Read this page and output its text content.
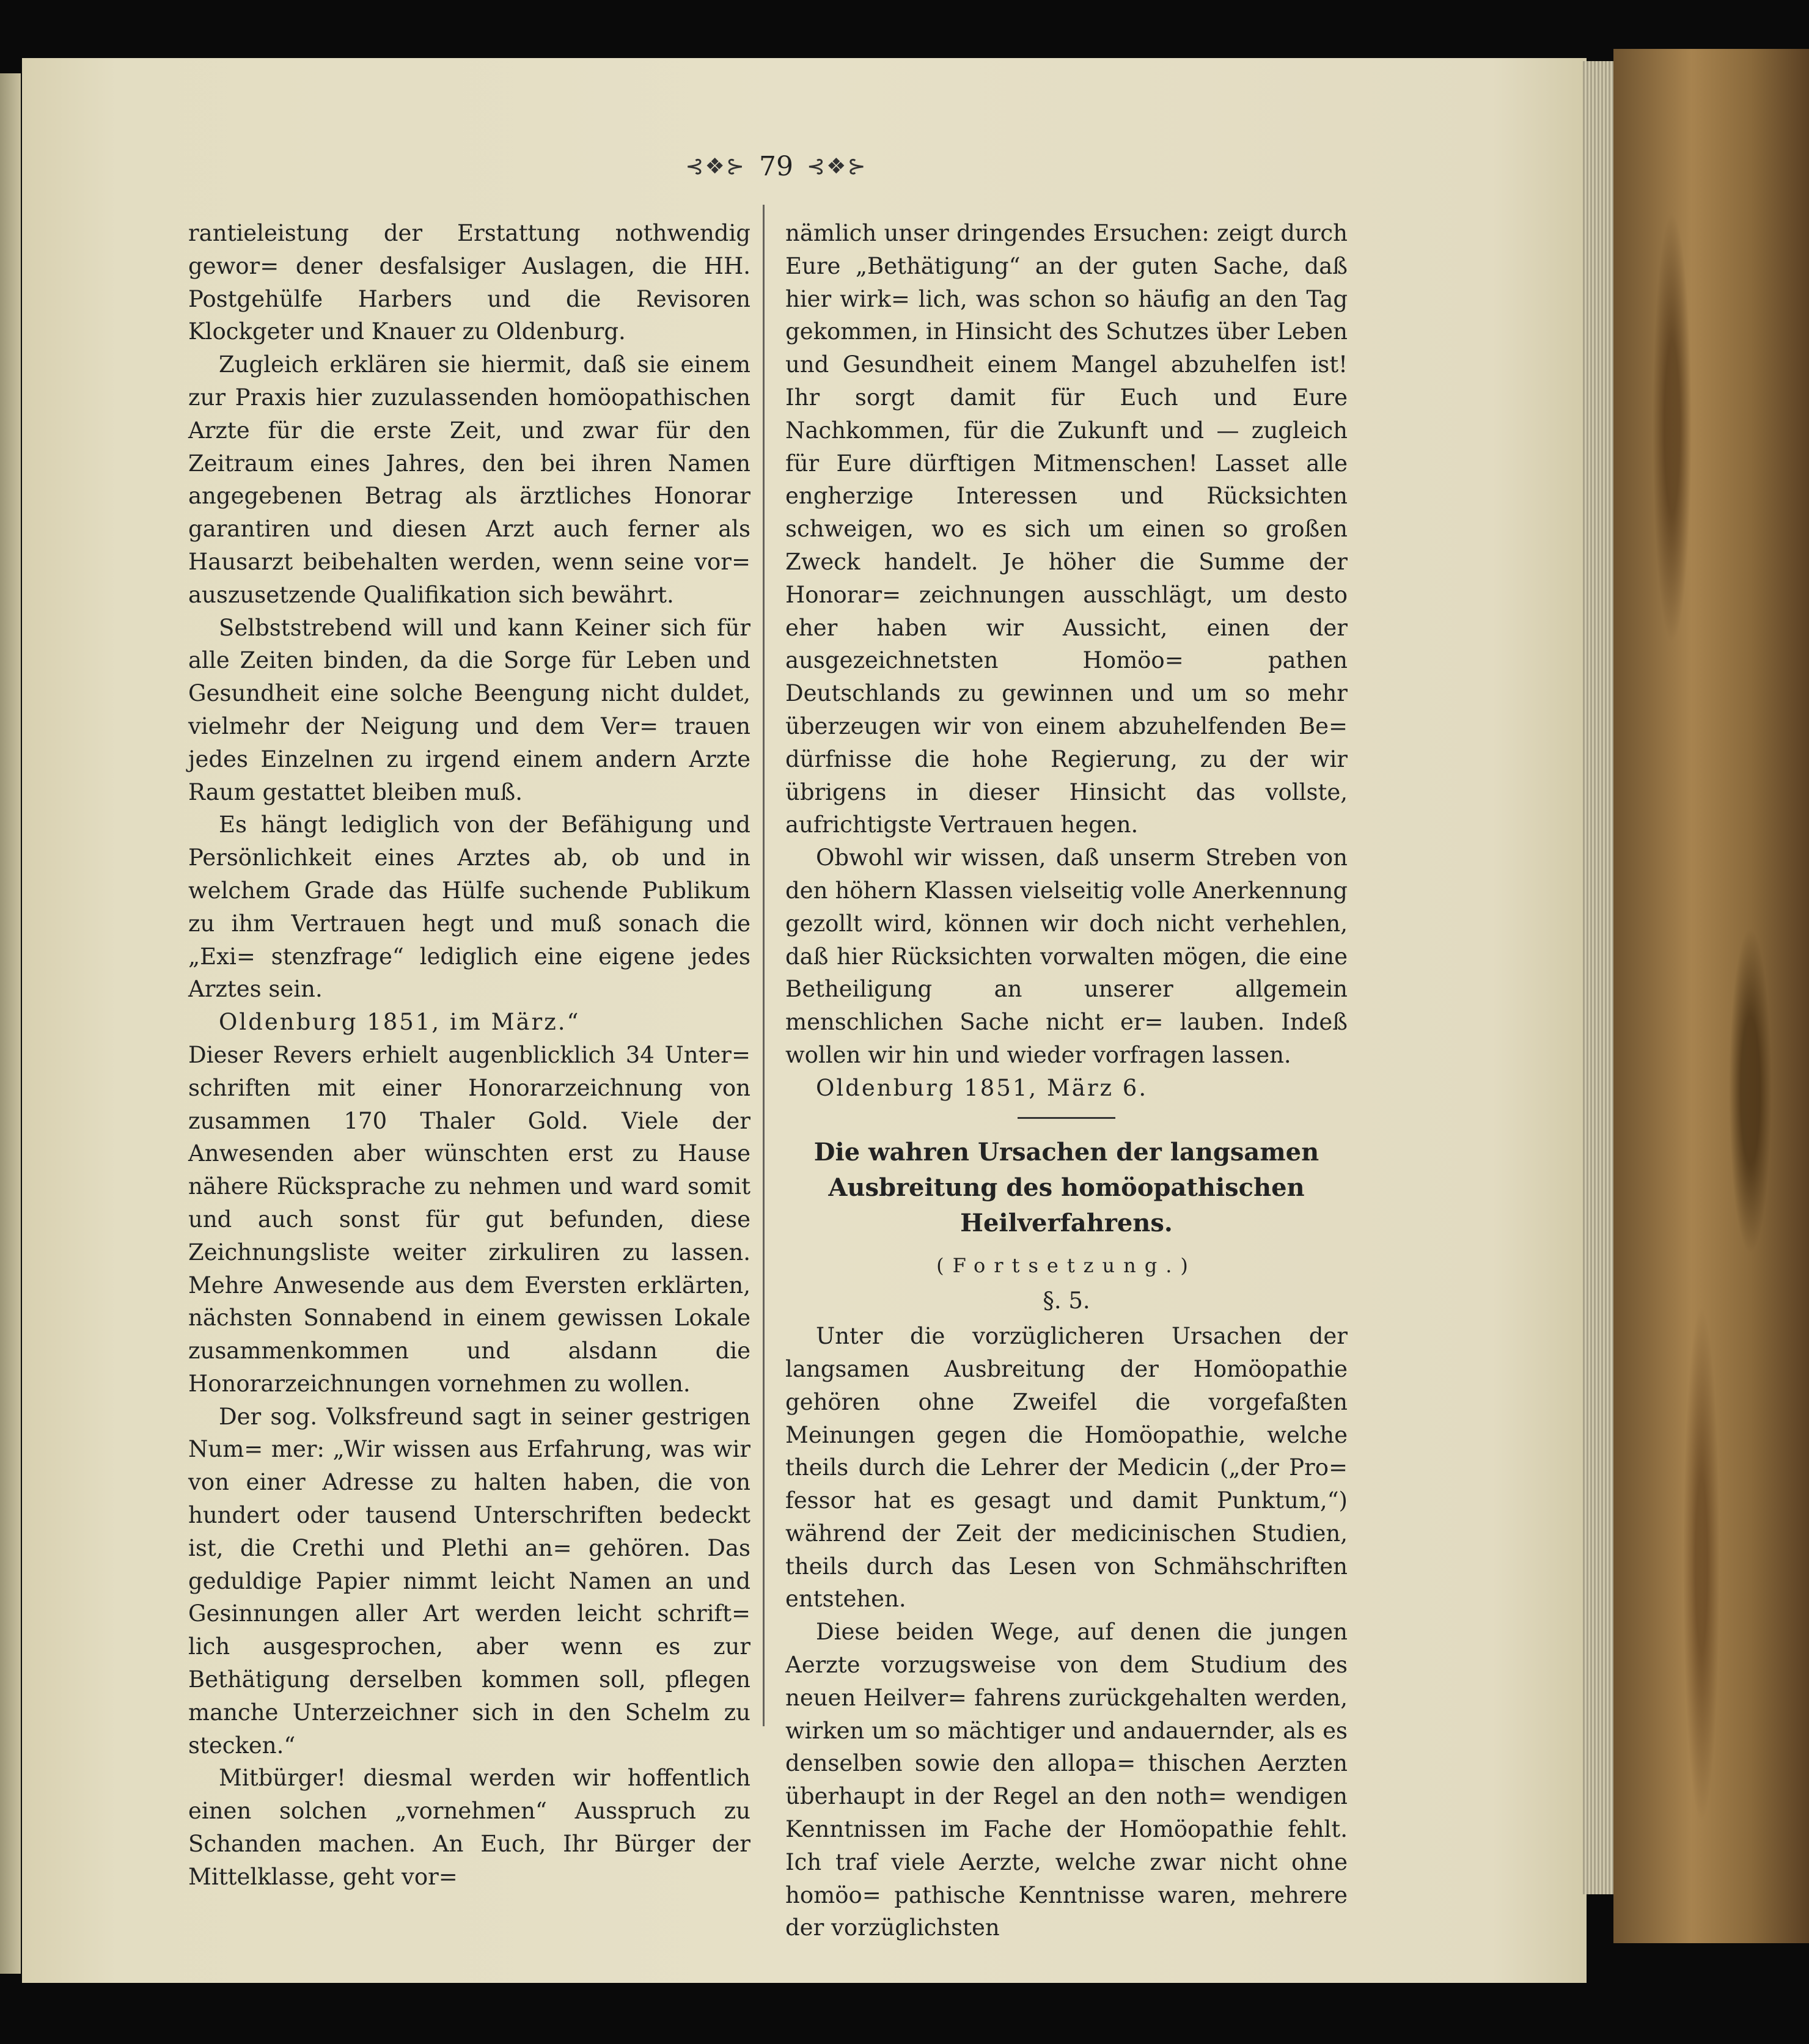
⊰❖⊱ 79 ⊰❖⊱

rantieleistung der Erstattung nothwendig gewor= dener desfalsiger Auslagen, die HH. Postgehülfe Harbers und die Revisoren Klockgeter und Knauer zu Oldenburg.

Zugleich erklären sie hiermit, daß sie einem zur Praxis hier zuzulassenden homöopathischen Arzte für die erste Zeit, und zwar für den Zeitraum eines Jahres, den bei ihren Namen angegebenen Betrag als ärztliches Honorar garantiren und diesen Arzt auch ferner als Hausarzt beibehalten werden, wenn seine vor= auszusetzende Qualifikation sich bewährt.

Selbststrebend will und kann Keiner sich für alle Zeiten binden, da die Sorge für Leben und Gesundheit eine solche Beengung nicht duldet, vielmehr der Neigung und dem Ver= trauen jedes Einzelnen zu irgend einem andern Arzte Raum gestattet bleiben muß.

Es hängt lediglich von der Befähigung und Persönlichkeit eines Arztes ab, ob und in welchem Grade das Hülfe suchende Publikum zu ihm Vertrauen hegt und muß sonach die „Exi= stenzfrage“ lediglich eine eigene jedes Arztes sein.

Oldenburg 1851, im März.“

Dieser Revers erhielt augenblicklich 34 Unter= schriften mit einer Honorarzeichnung von zusammen 170 Thaler Gold. Viele der Anwesenden aber wünschten erst zu Hause nähere Rücksprache zu nehmen und ward somit und auch sonst für gut befunden, diese Zeichnungsliste weiter zirkuliren zu lassen. Mehre Anwesende aus dem Eversten erklärten, nächsten Sonnabend in einem gewissen Lokale zusammenkommen und alsdann die Honorarzeichnungen vornehmen zu wollen.

Der sog. Volksfreund sagt in seiner gestrigen Num= mer: „Wir wissen aus Erfahrung, was wir von einer Adresse zu halten haben, die von hundert oder tausend Unterschriften bedeckt ist, die Crethi und Plethi an= gehören. Das geduldige Papier nimmt leicht Namen an und Gesinnungen aller Art werden leicht schrift= lich ausgesprochen, aber wenn es zur Bethätigung derselben kommen soll, pflegen manche Unterzeichner sich in den Schelm zu stecken.“

Mitbürger! diesmal werden wir hoffentlich einen solchen „vornehmen“ Ausspruch zu Schanden machen. An Euch, Ihr Bürger der Mittelklasse, geht vor=

nämlich unser dringendes Ersuchen: zeigt durch Eure „Bethätigung“ an der guten Sache, daß hier wirk= lich, was schon so häufig an den Tag gekommen, in Hinsicht des Schutzes über Leben und Gesundheit einem Mangel abzuhelfen ist! Ihr sorgt damit für Euch und Eure Nachkommen, für die Zukunft und — zugleich für Eure dürftigen Mitmenschen! Lasset alle engherzige Interessen und Rücksichten schweigen, wo es sich um einen so großen Zweck handelt. Je höher die Summe der Honorar= zeichnungen ausschlägt, um desto eher haben wir Aussicht, einen der ausgezeichnetsten Homöo= pathen Deutschlands zu gewinnen und um so mehr überzeugen wir von einem abzuhelfenden Be= dürfnisse die hohe Regierung, zu der wir übrigens in dieser Hinsicht das vollste, aufrichtigste Vertrauen hegen.

Obwohl wir wissen, daß unserm Streben von den höhern Klassen vielseitig volle Anerkennung gezollt wird, können wir doch nicht verhehlen, daß hier Rücksichten vorwalten mögen, die eine Betheiligung an unserer allgemein menschlichen Sache nicht er= lauben. Indeß wollen wir hin und wieder vorfragen lassen.

Oldenburg 1851, März 6.

Die wahren Ursachen der langsamen Ausbreitung des homöopathischen Heilverfahrens.
(Fortsetzung.)
§. 5.

Unter die vorzüglicheren Ursachen der langsamen Ausbreitung der Homöopathie gehören ohne Zweifel die vorgefaßten Meinungen gegen die Homöopathie, welche theils durch die Lehrer der Medicin („der Pro= fessor hat es gesagt und damit Punktum,“) während der Zeit der medicinischen Studien, theils durch das Lesen von Schmähschriften entstehen.

Diese beiden Wege, auf denen die jungen Aerzte vorzugsweise von dem Studium des neuen Heilver= fahrens zurückgehalten werden, wirken um so mächtiger und andauernder, als es denselben sowie den allopa= thischen Aerzten überhaupt in der Regel an den noth= wendigen Kenntnissen im Fache der Homöopathie fehlt. Ich traf viele Aerzte, welche zwar nicht ohne homöo= pathische Kenntnisse waren, mehrere der vorzüglichsten
